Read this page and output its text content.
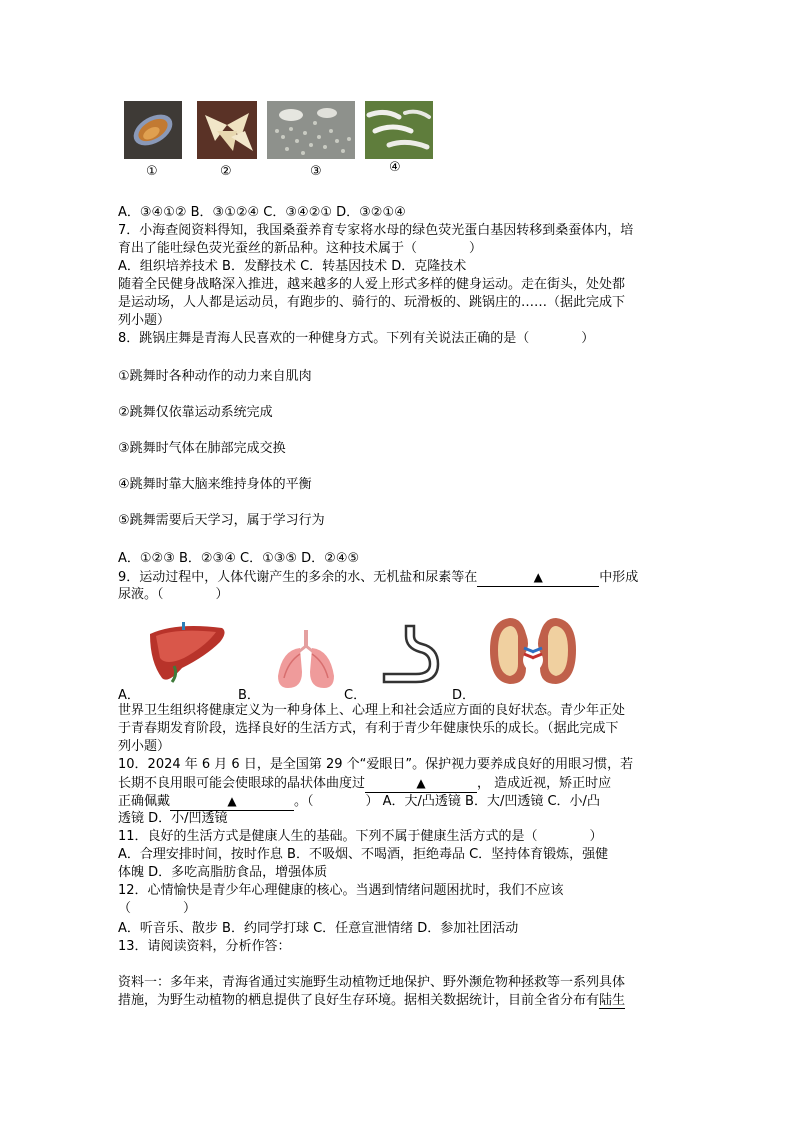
①	②	③	④
A．③④①② B．③①②④ C．③④②① D．③②①④
7．小海查阅资料得知，我国桑蚕养育专家将水母的绿色荧光蛋白基因转移到桑蚕体内，培
育出了能吐绿色荧光蚕丝的新品种。这种技术属于（　　　　）
A．组织培养技术 B．发酵技术 C．转基因技术 D．克隆技术
随着全民健身战略深入推进，越来越多的人爱上形式多样的健身运动。走在街头，处处都
是运动场，人人都是运动员，有跑步的、骑行的、玩滑板的、跳锅庄的……（据此完成下
列小题）
8．跳锅庄舞是青海人民喜欢的一种健身方式。下列有关说法正确的是（　　　　）
①跳舞时各种动作的动力来自肌肉
②跳舞仅依靠运动系统完成
③跳舞时气体在肺部完成交换
④跳舞时靠大脑来维持身体的平衡
⑤跳舞需要后天学习，属于学习行为
A．①②③ B．②③④ C．①③⑤ D．②④⑤
9．运动过程中，人体代谢产生的多余的水、无机盐和尿素等在	▲	中形成
尿液。（　　　　）
A．	B．	C．	D．
世界卫生组织将健康定义为一种身体上、心理上和社会适应方面的良好状态。青少年正处
于青春期发育阶段，选择良好的生活方式，有利于青少年健康快乐的成长。（据此完成下
列小题）
10．2024 年 6 月 6 日，是全国第 29 个“爱眼日”。保护视力要养成良好的用眼习惯，若
长期不良用眼可能会使眼球的晶状体曲度过	▲	， 造成近视，矫正时应
正确佩戴	▲	。（　　　　） A．大/凸透镜 B．大/凹透镜 C．小/凸
透镜 D．小/凹透镜
11．良好的生活方式是健康人生的基础。下列不属于健康生活方式的是（　　　　）
A．合理安排时间，按时作息 B．不吸烟、不喝酒，拒绝毒品 C．坚持体育锻炼，强健
体魄 D．多吃高脂肪食品，增强体质
12．心情愉快是青少年心理健康的核心。当遇到情绪问题困扰时，我们不应该
（　　　　）
A．听音乐、散步 B．约同学打球 C．任意宣泄情绪 D．参加社团活动
13．请阅读资料，分析作答：
资料一：多年来，青海省通过实施野生动植物迁地保护、野外濒危物种拯救等一系列具体
措施，为野生动植物的栖息提供了良好生存环境。据相关数据统计，目前全省分布有陆生
